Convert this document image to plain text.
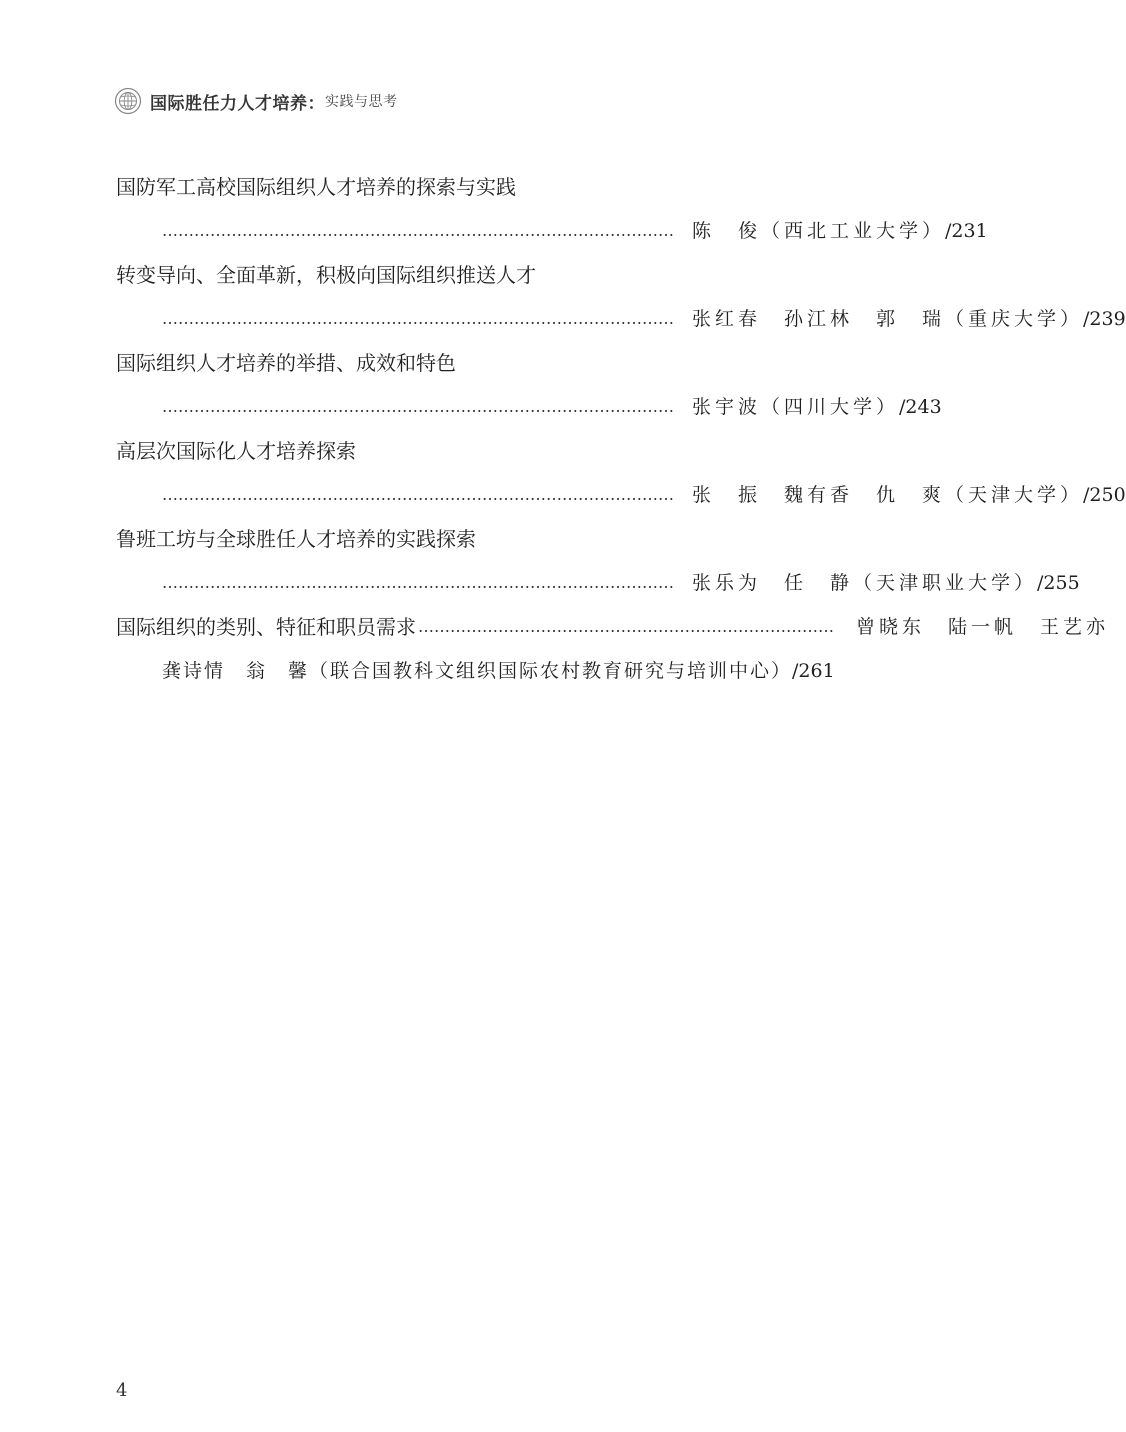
国际胜任力人才培养： 实践与思考
国防军工高校国际组织人才培养的探索与实践
…………………………………………………………………………………… 陈　俊（西北工业大学） /231
转变导向、全面革新，积极向国际组织推送人才
…………………………………………………………………………………… 张红春　孙江林　郭　瑞（重庆大学） /239
国际组织人才培养的举措、成效和特色
…………………………………………………………………………………… 张宇波（四川大学） /243
高层次国际化人才培养探索
…………………………………………………………………………………… 张　振　魏有香　仇　爽（天津大学） /250
鲁班工坊与全球胜任人才培养的实践探索
…………………………………………………………………………………… 张乐为　任　静（天津职业大学） /255
国际组织的类别、特征和职员需求 …………………………………………………………………… 曾晓东　陆一帆　王艺亦
龚诗情　翁　馨（联合国教科文组织国际农村教育研究与培训中心） /261
4
